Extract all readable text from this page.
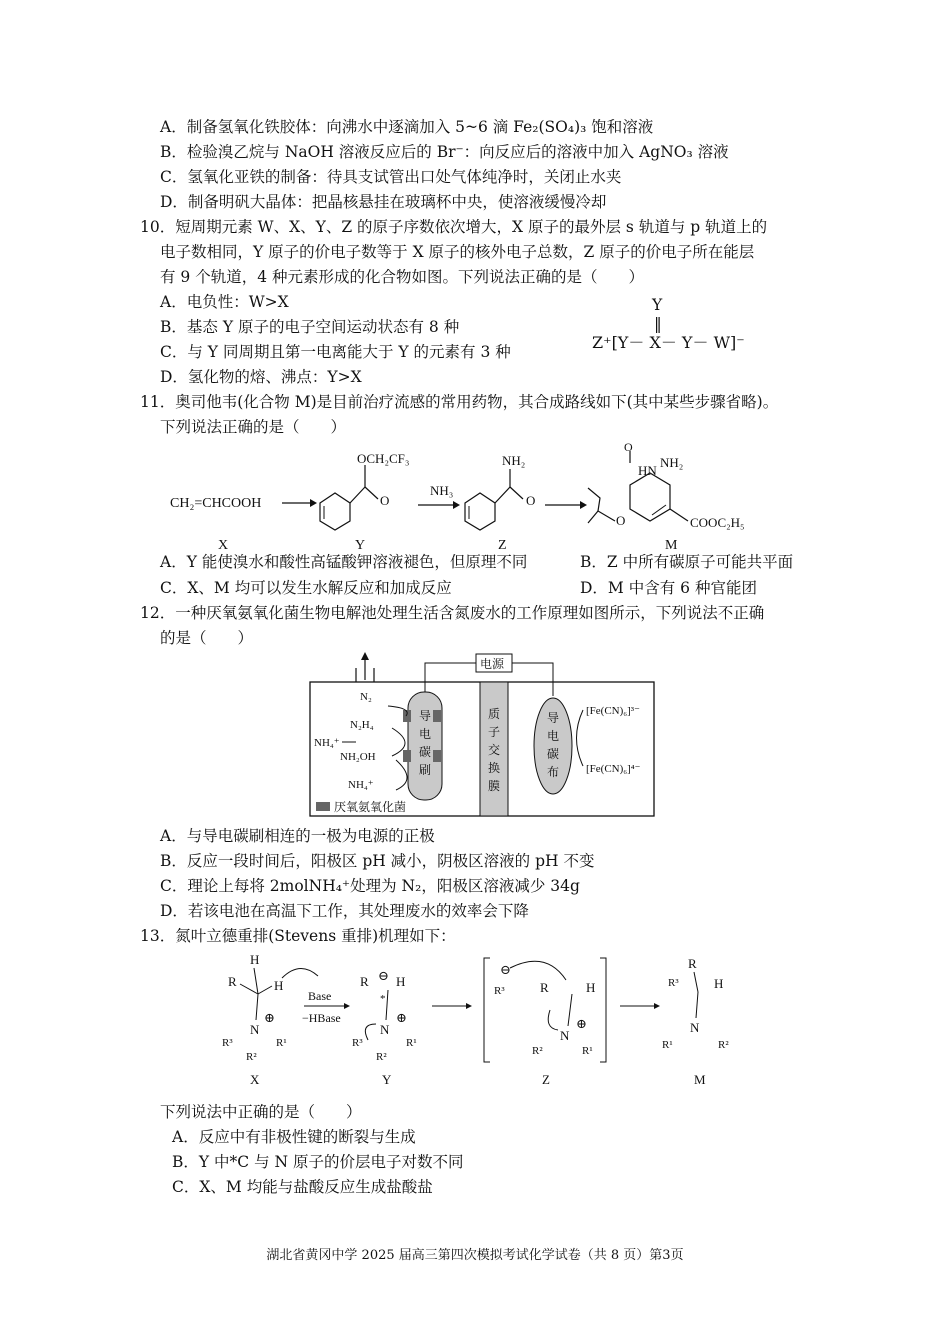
A．制备氢氧化铁胶体：向沸水中逐滴加入 5~6 滴 Fe₂(SO₄)₃ 饱和溶液
B．检验溴乙烷与 NaOH 溶液反应后的 Br⁻：向反应后的溶液中加入 AgNO₃ 溶液
C．氢氧化亚铁的制备：待具支试管出口处气体纯净时，关闭止水夹
D．制备明矾大晶体：把晶核悬挂在玻璃杯中央，使溶液缓慢冷却
10．短周期元素 W、X、Y、Z 的原子序数依次增大，X 原子的最外层 s 轨道与 p 轨道上的
电子数相同，Y 原子的价电子数等于 X 原子的核外电子总数，Z 原子的价电子所在能层
有 9 个轨道，4 种元素形成的化合物如图。下列说法正确的是（　　）
A．电负性：W>X
B．基态 Y 原子的电子空间运动状态有 8 种
C．与 Y 同周期且第一电离能大于 Y 的元素有 3 种
D．氢化物的熔、沸点：Y>X
Y
‖
Z⁺[Y－ X－ Y－ W]⁻
11．奥司他韦(化合物 M)是目前治疗流感的常用药物，其合成路线如下(其中某些步骤省略)。
下列说法正确的是（　　）
CH₂=CHCOOH
OCH₂CF₃
O
NH₃
NH₂
O
HN
O
NH₂
O	COOC₂H₅
X	Y	Z	M
A．Y 能使溴水和酸性高锰酸钾溶液褪色，但原理不同	B．Z 中所有碳原子可能共平面
C．X、M 均可以发生水解反应和加成反应	D．M 中含有 6 种官能团
12．一种厌氧氨氧化菌生物电解池处理生活含氮废水的工作原理如图所示，下列说法不正确
的是（　　）
电源
导
电
碳
刷
质
子
交
换
膜
导
电
碳
布
N₂
N₂H₄
NH₄⁺
NH₂OH
NH₄⁺
[Fe(CN)₆]³⁻
[Fe(CN)₆]⁴⁻
厌氧氨氧化菌
A．与导电碳刷相连的一极为电源的正极
B．反应一段时间后，阳极区 pH 减小，阴极区溶液的 pH 不变
C．理论上每将 2molNH₄⁺处理为 N₂，阳极区溶液减少 34g
D．若该电池在高温下工作，其处理废水的效率会下降
13．氮叶立德重排(Stevens 重排)机理如下：
H
R	H
N
⊕
R³
R²
R¹
X
Base
−HBase
R ⊖ H
*
N
⊕
R³
R²
R¹
Y
⊖
R³	R	H
N
⊕
R²	R¹
Z
R
R³	H
N
R¹	R²
M
下列说法中正确的是（　　）
A．反应中有非极性键的断裂与生成
B．Y 中*C 与 N 原子的价层电子对数不同
C．X、M 均能与盐酸反应生成盐酸盐
湖北省黄冈中学 2025 届高三第四次模拟考试化学试卷（共 8 页）第3页
